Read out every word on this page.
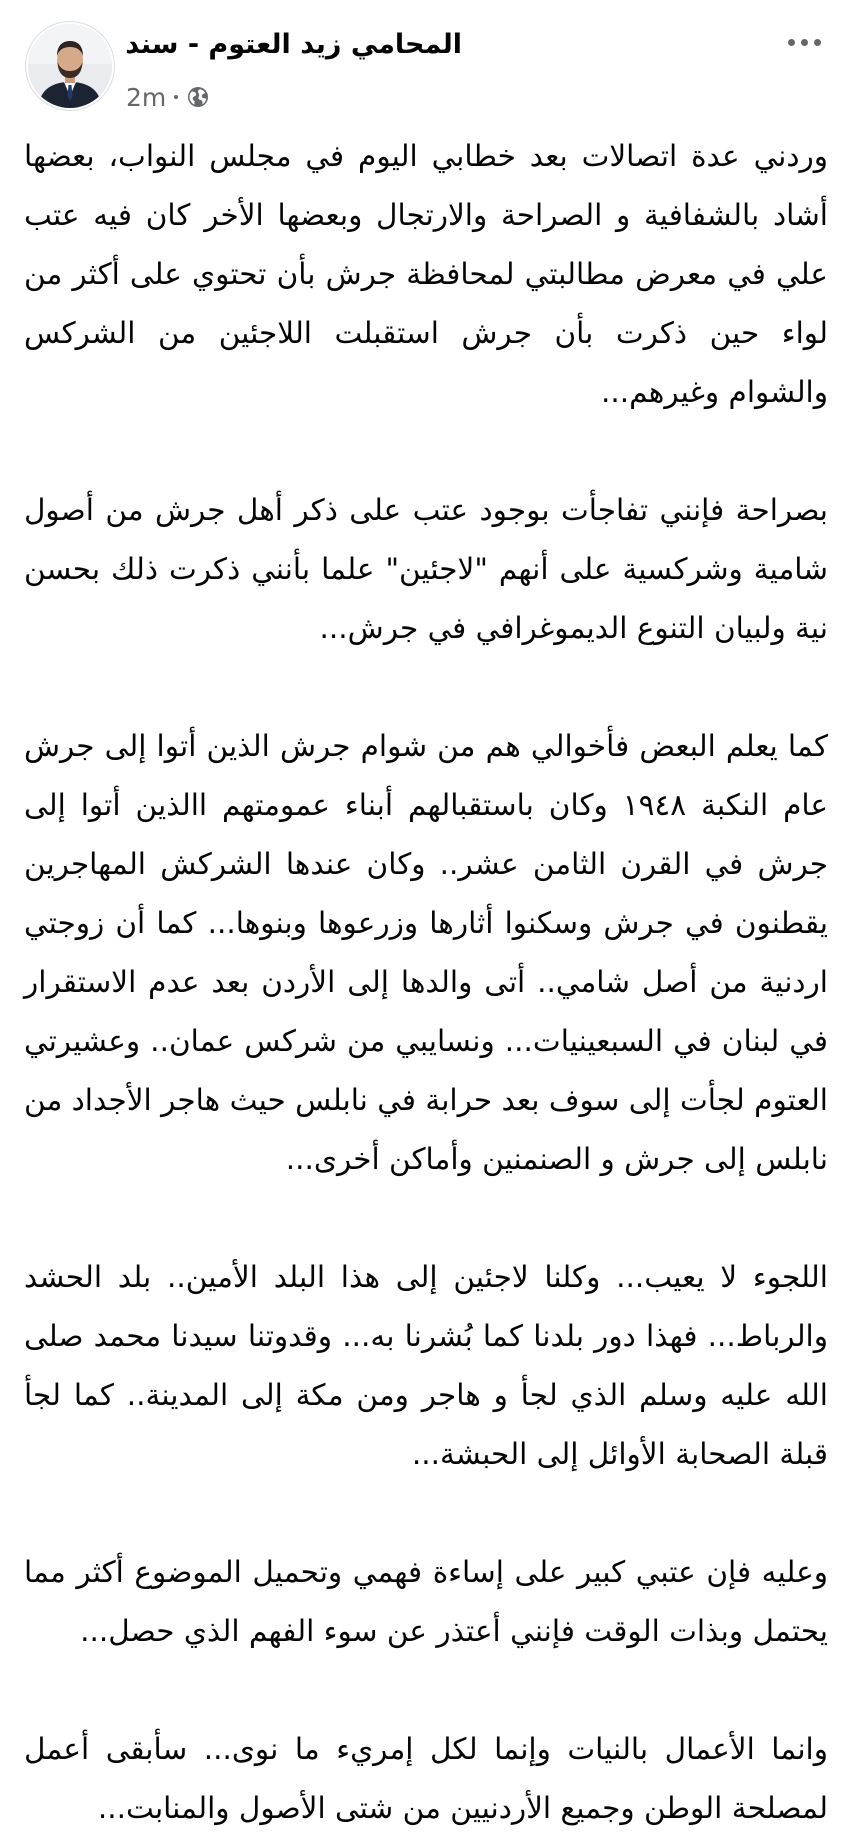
المحامي زيد العتوم - سند
2m

وردني عدة اتصالات بعد خطابي اليوم في مجلس النواب، بعضها أشاد بالشفافية و الصراحة والارتجال وبعضها الأخر كان فيه عتب علي في معرض مطالبتي لمحافظة جرش بأن تحتوي على أكثر من لواء حين ذكرت بأن جرش استقبلت اللاجئين من الشركس والشوام وغيرهم...

بصراحة فإنني تفاجأت بوجود عتب على ذكر أهل جرش من أصول شامية وشركسية على أنهم "لاجئين" علما بأنني ذكرت ذلك بحسن نية ولبيان التنوع الديموغرافي في جرش...

كما يعلم البعض فأخوالي هم من شوام جرش الذين أتوا إلى جرش عام النكبة ١٩٤٨ وكان باستقبالهم أبناء عمومتهم االذين أتوا إلى جرش في القرن الثامن عشر.. وكان عندها الشركش المهاجرين يقطنون في جرش وسكنوا أثارها وزرعوها وبنوها... كما أن زوجتي اردنية من أصل شامي.. أتى والدها إلى الأردن بعد عدم الاستقرار في لبنان في السبعينيات... ونسايبي من شركس عمان.. وعشيرتي العتوم لجأت إلى سوف بعد حرابة في نابلس حيث هاجر الأجداد من نابلس إلى جرش و الصنمنين وأماكن أخرى...

اللجوء لا يعيب... وكلنا لاجئين إلى هذا البلد الأمين.. بلد الحشد والرباط... فهذا دور بلدنا كما بُشرنا به... وقدوتنا سيدنا محمد صلى الله عليه وسلم الذي لجأ و هاجر ومن مكة إلى المدينة.. كما لجأ قبلة الصحابة الأوائل إلى الحبشة...

وعليه فإن عتبي كبير على إساءة فهمي وتحميل الموضوع أكثر مما يحتمل وبذات الوقت فإنني أعتذر عن سوء الفهم الذي حصل...

وانما الأعمال بالنيات وإنما لكل إمريء ما نوى... سأبقى أعمل لمصلحة الوطن وجميع الأردنيين من شتى الأصول والمنابت...
